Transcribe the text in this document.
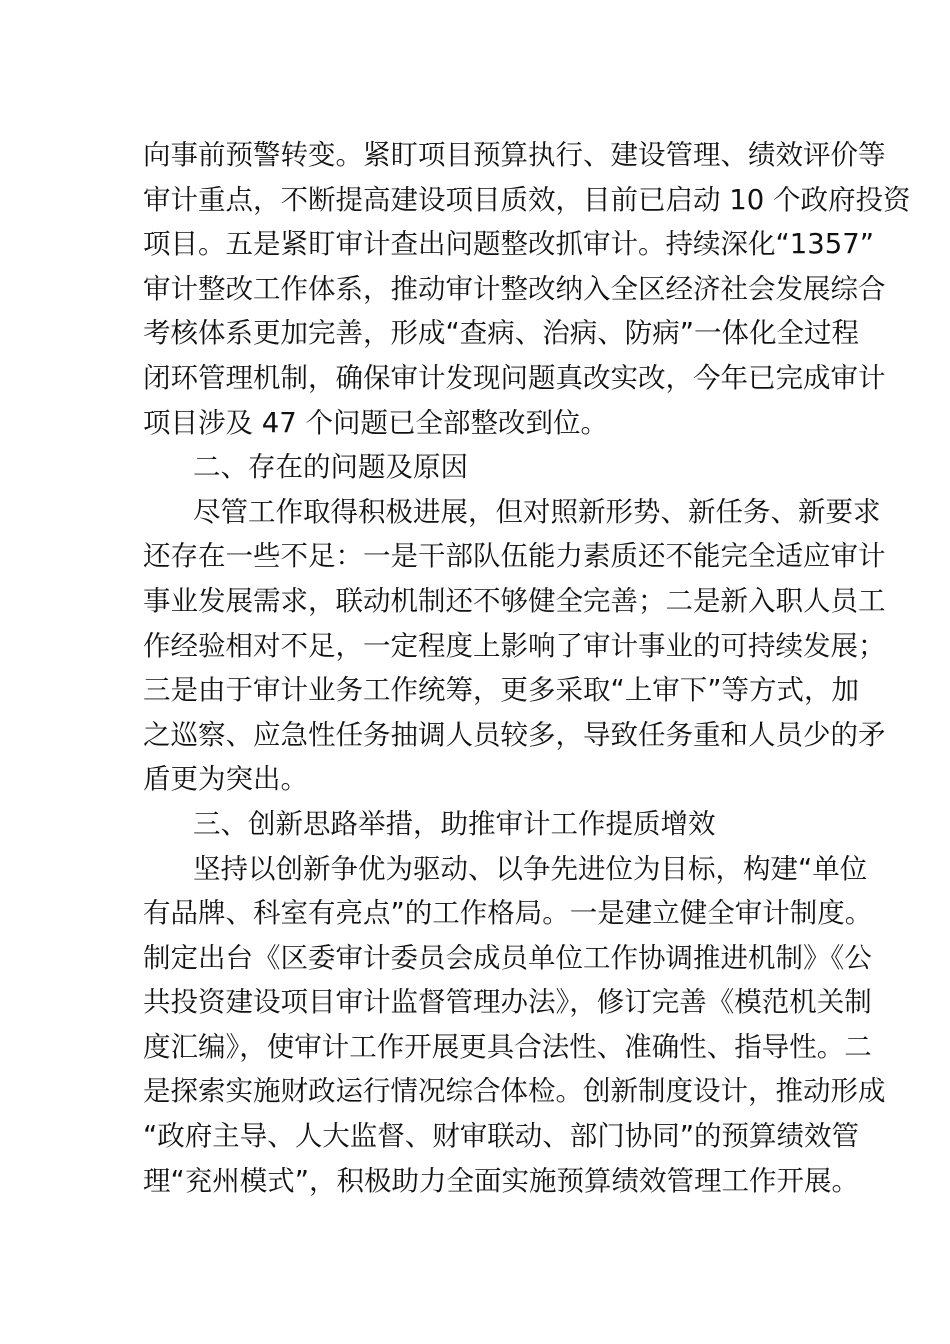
向事前预警转变。紧盯项目预算执行、建设管理、绩效评价等
审计重点，不断提高建设项目质效，目前已启动 10 个政府投资
项目。五是紧盯审计查出问题整改抓审计。持续深化“1357”
审计整改工作体系，推动审计整改纳入全区经济社会发展综合
考核体系更加完善，形成“查病、治病、防病”一体化全过程
闭环管理机制，确保审计发现问题真改实改，今年已完成审计
项目涉及 47 个问题已全部整改到位。
二、存在的问题及原因
尽管工作取得积极进展，但对照新形势、新任务、新要求
还存在一些不足：一是干部队伍能力素质还不能完全适应审计
事业发展需求，联动机制还不够健全完善；二是新入职人员工
作经验相对不足，一定程度上影响了审计事业的可持续发展；
三是由于审计业务工作统筹，更多采取“上审下”等方式，加
之巡察、应急性任务抽调人员较多，导致任务重和人员少的矛
盾更为突出。
三、创新思路举措，助推审计工作提质增效
坚持以创新争优为驱动、以争先进位为目标，构建“单位
有品牌、科室有亮点”的工作格局。一是建立健全审计制度。
制定出台《区委审计委员会成员单位工作协调推进机制》《公
共投资建设项目审计监督管理办法》，修订完善《模范机关制
度汇编》，使审计工作开展更具合法性、准确性、指导性。二
是探索实施财政运行情况综合体检。创新制度设计，推动形成
“政府主导、人大监督、财审联动、部门协同”的预算绩效管
理“兖州模式”，积极助力全面实施预算绩效管理工作开展。
